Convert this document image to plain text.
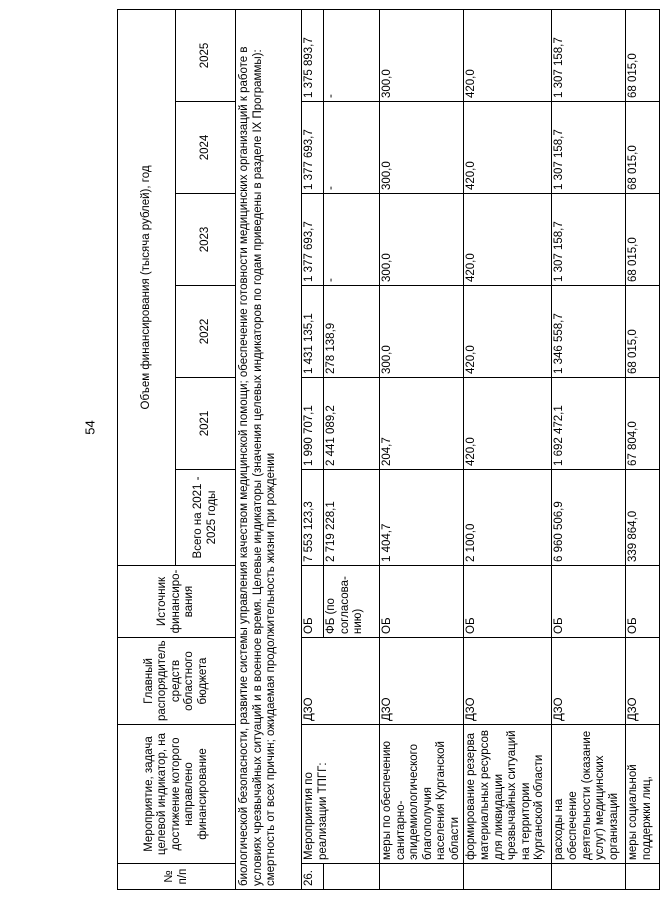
54
№ п/п	Мероприятие, задача целевой индикатор, на достижение которого направлено финансирование	Главный распорядитель средств областного бюджета	Источник финансиро-вания	Объем финансирования (тысяча рублей), год					
				Всего на 2021 - 2025 годы	2021	2022	2023	2024	2025
биологической безопасности, развитие системы управления качеством медицинской помощи; обеспечение готовности медицинских организаций к работе в условиях чрезвычайных ситуаций и в военное время. Целевые индикаторы (значения целевых индикаторов по годам приведены в разделе IX Программы): смертность от всех причин; ожидаемая продолжительность жизни при рождении									
26.	Мероприятия по реализации ТПГГ:	ДЗО	ОБ	7 553 123,3	1 990 707,1	1 431 135,1	1 377 693,7	1 377 693,7	1 375 893,7
			ФБ (по согласова-нию)	2 719 228,1	2 441 089,2	278 138,9	-	-	-
	меры по обеспечению санитарно-эпидемиологического благополучия населения Курганской области	ДЗО	ОБ	1 404,7	204,7	300,0	300,0	300,0	300,0
	формирование резерва материальных ресурсов для ликвидации чрезвычайных ситуаций на территории Курганской области	ДЗО	ОБ	2 100,0	420,0	420,0	420,0	420,0	420,0
	расходы на обеспечение деятельности (оказание услуг) медицинских организаций	ДЗО	ОБ	6 960 506,9	1 692 472,1	1 346 558,7	1 307 158,7	1 307 158,7	1 307 158,7
	меры социальной поддержки лиц,	ДЗО	ОБ	339 864,0	67 804,0	68 015,0	68 015,0	68 015,0	68 015,0
